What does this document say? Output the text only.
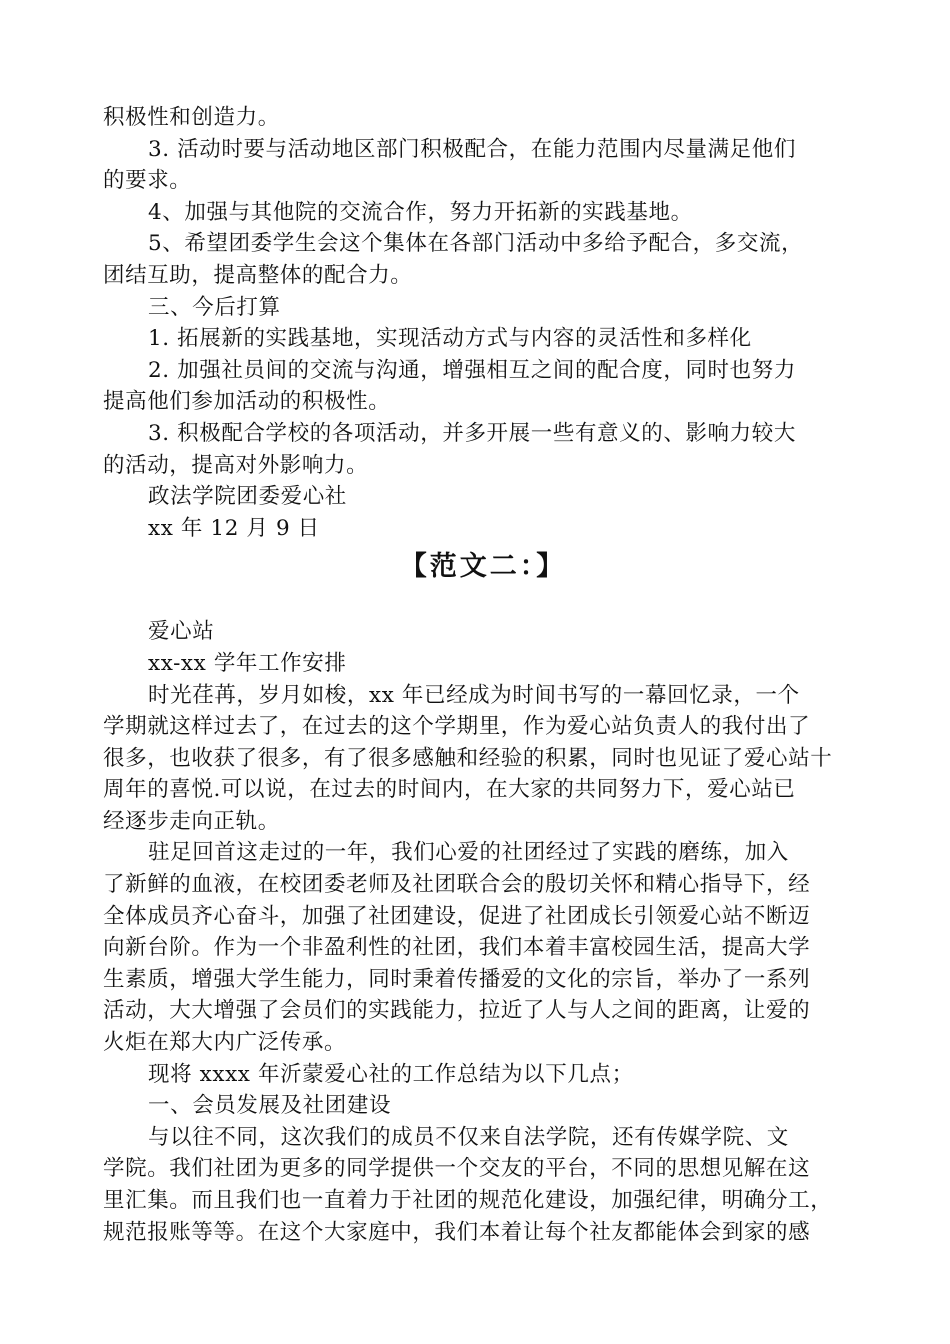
积极性和创造力。
3. 活动时要与活动地区部门积极配合，在能力范围内尽量满足他们
的要求。
4、加强与其他院的交流合作，努力开拓新的实践基地。
5、希望团委学生会这个集体在各部门活动中多给予配合，多交流，
团结互助，提高整体的配合力。
三、今后打算
1. 拓展新的实践基地，实现活动方式与内容的灵活性和多样化
2. 加强社员间的交流与沟通，增强相互之间的配合度，同时也努力
提高他们参加活动的积极性。
3. 积极配合学校的各项活动，并多开展一些有意义的、影响力较大
的活动，提高对外影响力。
政法学院团委爱心社
xx 年 12 月 9 日
【范文二：】
爱心站
xx-xx 学年工作安排
时光荏苒，岁月如梭，xx 年已经成为时间书写的一幕回忆录，一个
学期就这样过去了，在过去的这个学期里，作为爱心站负责人的我付出了
很多，也收获了很多，有了很多感触和经验的积累，同时也见证了爱心站十
周年的喜悦.可以说，在过去的时间内，在大家的共同努力下，爱心站已
经逐步走向正轨。
驻足回首这走过的一年，我们心爱的社团经过了实践的磨练，加入
了新鲜的血液，在校团委老师及社团联合会的殷切关怀和精心指导下，经
全体成员齐心奋斗，加强了社团建设，促进了社团成长引领爱心站不断迈
向新台阶。作为一个非盈利性的社团，我们本着丰富校园生活，提高大学
生素质，增强大学生能力，同时秉着传播爱的文化的宗旨，举办了一系列
活动，大大增强了会员们的实践能力，拉近了人与人之间的距离，让爱的
火炬在郑大内广泛传承。
现将 xxxx 年沂蒙爱心社的工作总结为以下几点；
一、会员发展及社团建设
与以往不同，这次我们的成员不仅来自法学院，还有传媒学院、文
学院。我们社团为更多的同学提供一个交友的平台，不同的思想见解在这
里汇集。而且我们也一直着力于社团的规范化建设，加强纪律，明确分工，
规范报账等等。在这个大家庭中，我们本着让每个社友都能体会到家的感
